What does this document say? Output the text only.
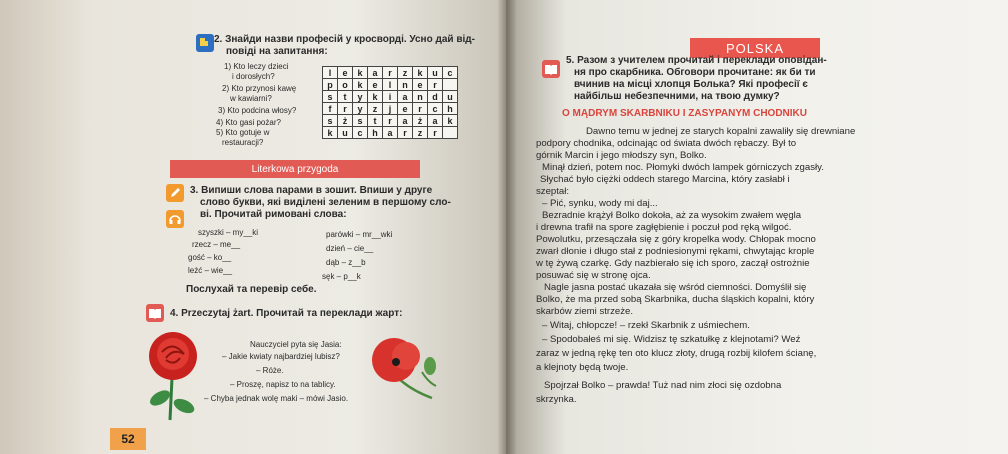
2. Знайди назви професій у кросворді. Усно дай від-
повіді на запитання:
1) Kto leczy dzieci
i dorosłych?
2) Kto przynosi kawę
w kawiarni?
3) Kto podcina włosy?
4) Kto gasi pożar?
5) Kto gotuje w
restauracji?
l	e	k	a	r	z	k	u	c
p	o	k	e	l	n	e	r	
s	t	y	k	i	a	n	d	u
f	r	y	z	j	e	r	c	h
s	ż	s	t	r	a	ż	a	k
k	u	c	h	a	r	z	r	
Literkowa przygoda
3. Випиши слова парами в зошит. Впиши у друге
слово букви, які виділені зеленим в першому сло-
ві. Прочитай римовані слова:
szyszki – my__ki
rzecz – me__
gość – ko__
leżć – wie__
parówki – mr__wki
dzień – cie__
dąb – z__b
sęk – p__k
Послухай та перевір себе.
4. Przeczytaj żart. Прочитай та переклади жарт:
Nauczyciel pyta się Jasia:
– Jakie kwiaty najbardziej lubisz?
– Róże.
– Proszę, napisz to na tablicy.
– Chyba jednak wolę maki – mówi Jasio.
52
POLSKA
5. Разом з учителем прочитай і переклади оповідан-
ня про скарбника. Обговори прочитане: як би ти
вчинив на місці хлопця Болька? Які професії є
найбільш небезпечними, на твою думку?
O MĄDRYM SKARBNIKU I ZASYPANYM CHODNIKU
Dawno temu w jednej ze starych kopalni zawaliły się drewniane
podpory chodnika, odcinając od świata dwóch rębaczy. Był to
górnik Marcin i jego młodszy syn, Bolko.
Minął dzień, potem noc. Płomyki dwóch lampek górniczych zgasły.
Słychać było ciężki oddech starego Marcina, który zasłabł i
szeptał:
– Pić, synku, wody mi daj...
Bezradnie krążył Bolko dokoła, aż za wysokim zwałem węgla
i drewna trafił na sporе zagłębienie i poczuł pod ręką wilgoć.
Powolutku, przesączała się z góry kropelka wody. Chłopak mocno
zwarł dłonie i długo stał z podniesionymi rękami, chwytając krople
w tę żywą czarkę. Gdy nazbierało się ich sporo, zaczął ostrożnie
posuwać się w stronę ojca.
Nagle jasna postać ukazała się wśród ciemności. Domyślił się
Bolko, że ma przed sobą Skarbnika, ducha śląskich kopalni, który
skarbów ziemi strzeże.
– Witaj, chłopcze! – rzekł Skarbnik z uśmiechem.
– Spodobałeś mi się. Widzisz tę szkatułkę z klejnotami? Weź
zaraz w jedną rękę ten oto klucz złoty, drugą rozbij kilofem ścianę,
a klejnoty będą twoje.
Spojrzał Bolko – prawda! Tuż nad nim złoci się ozdobna
skrzynka.
